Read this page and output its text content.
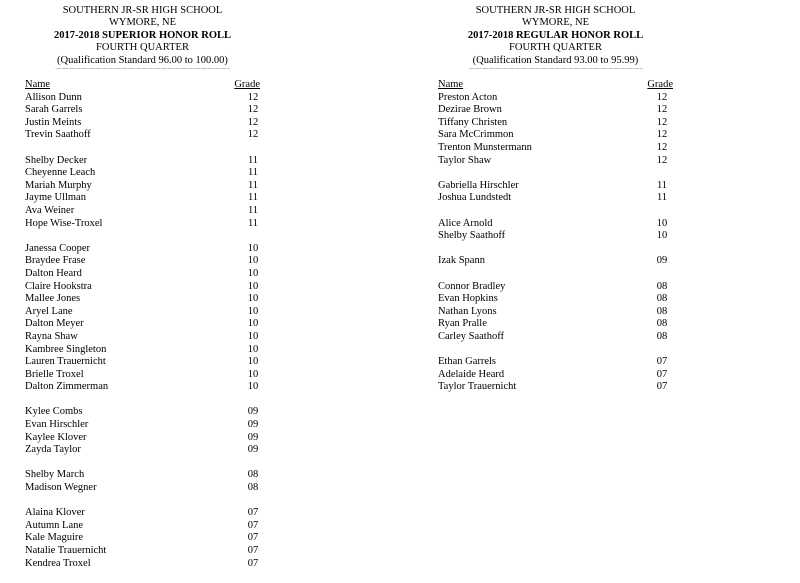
SOUTHERN JR-SR HIGH SCHOOL
WYMORE, NE
2017-2018 SUPERIOR HONOR ROLL
FOURTH QUARTER
(Qualification Standard 96.00 to 100.00)
""""""""""""""""""""""""""""""""""""""""""""""""""""""""""""""""""""""""""
Name	Grade
Allison Dunn	12
Sarah Garrels	12
Justin Meints	12
Trevin Saathoff	12
Shelby Decker	11
Cheyenne Leach	11
Mariah Murphy	11
Jayme Ullman	11
Ava Weiner	11
Hope Wise-Troxel	11
Janessa Cooper	10
Braydee Frase	10
Dalton Heard	10
Claire Hookstra	10
Mallee Jones	10
Aryel Lane	10
Dalton Meyer	10
Rayna Shaw	10
Kambree Singleton	10
Lauren Trauernicht	10
Brielle Troxel	10
Dalton Zimmerman	10
Kylee Combs	09
Evan Hirschler	09
Kaylee Klover	09
Zayda Taylor	09
Shelby March	08
Madison Wegner	08
Alaina Klover	07
Autumn Lane	07
Kale Maguire	07
Natalie Trauernicht	07
Kendrea Troxel	07
SOUTHERN JR-SR HIGH SCHOOL
WYMORE, NE
2017-2018 REGULAR HONOR ROLL
FOURTH QUARTER
(Qualification Standard 93.00 to 95.99)
""""""""""""""""""""""""""""""""""""""""""""""""""""""""""""""""""""""""""
Name	Grade
Preston Acton	12
Dezirae Brown	12
Tiffany Christen	12
Sara McCrimmon	12
Trenton Munstermann	12
Taylor Shaw	12
Gabriella Hirschler	11
Joshua Lundstedt	11
Alice Arnold	10
Shelby Saathoff	10
Izak Spann	09
Connor Bradley	08
Evan Hopkins	08
Nathan Lyons	08
Ryan Pralle	08
Carley Saathoff	08
Ethan Garrels	07
Adelaide Heard	07
Taylor Trauernicht	07
